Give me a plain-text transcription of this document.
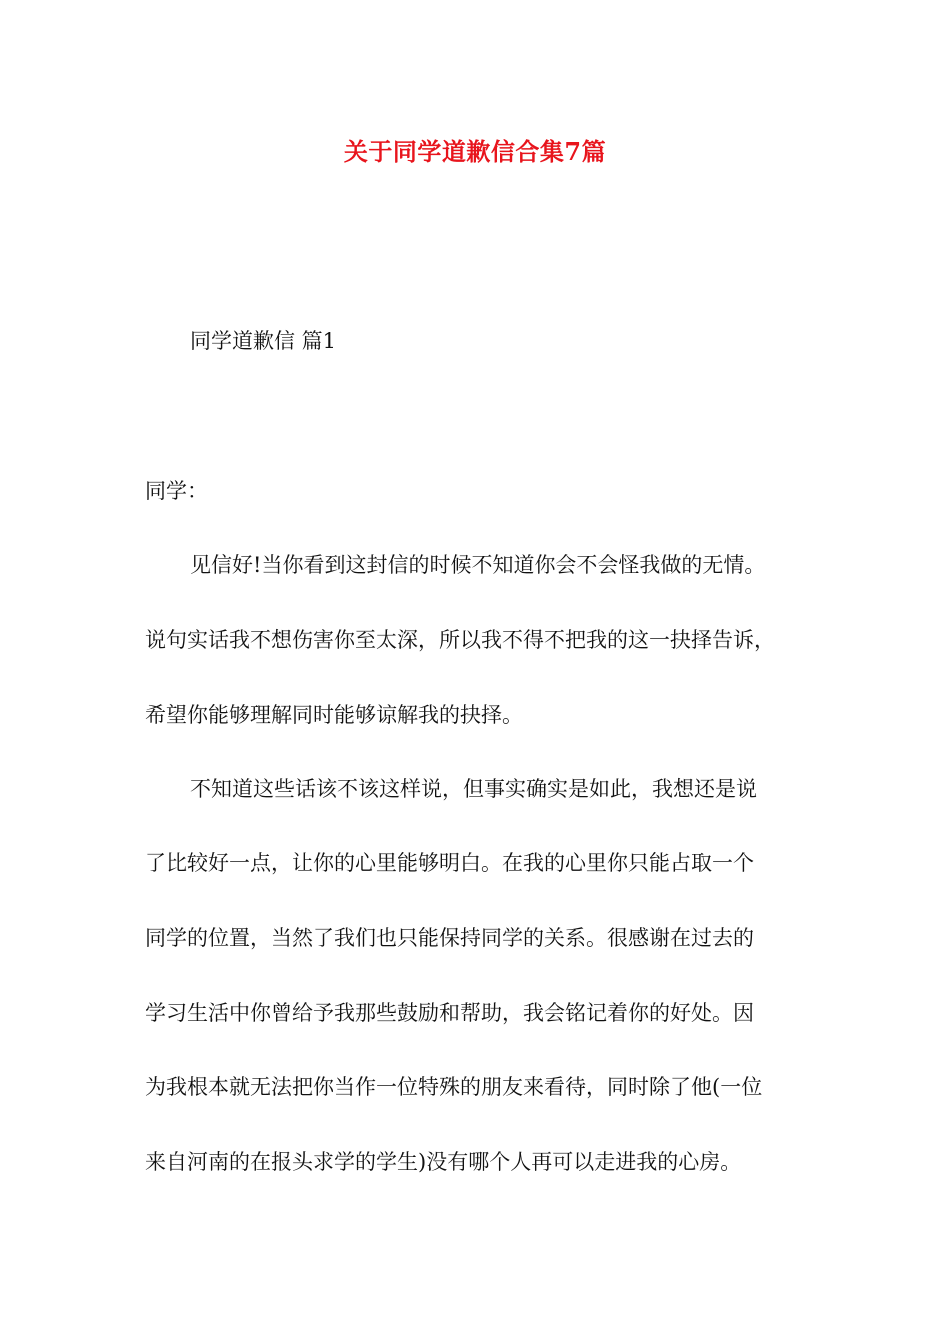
关于同学道歉信合集7篇
同学道歉信 篇1
同学：
见信好!当你看到这封信的时候不知道你会不会怪我做的无情。
说句实话我不想伤害你至太深，所以我不得不把我的这一抉择告诉，
希望你能够理解同时能够谅解我的抉择。
不知道这些话该不该这样说，但事实确实是如此，我想还是说
了比较好一点，让你的心里能够明白。在我的心里你只能占取一个
同学的位置，当然了我们也只能保持同学的关系。很感谢在过去的
学习生活中你曾给予我那些鼓励和帮助，我会铭记着你的好处。因
为我根本就无法把你当作一位特殊的朋友来看待，同时除了他(一位
来自河南的在报头求学的学生)没有哪个人再可以走进我的心房。
